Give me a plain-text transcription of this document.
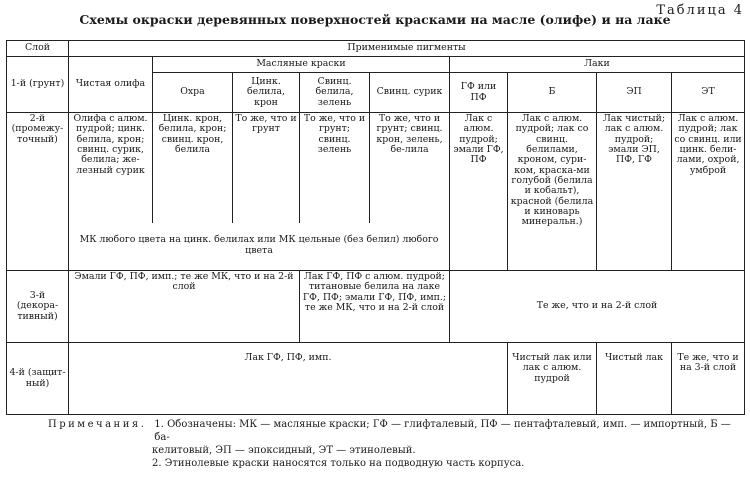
Таблица 4
Схемы окраски деревянных поверхностей красками на масле (олифе) и на лаке
Слой	Применимые пигменты								
1-й (грунт)	Чистая олифа	Масляные краски				Лаки			
		Охра	Цинк. белила, крон	Свинц. белила, зелень	Свинц. сурик	ГФ или ПФ	Б	ЭП	ЭТ
2-й (промежу-точный)	Олифа с алюм. пудрой; цинк. белила, крон; свинц. сурик, белила; же-лезный сурик	Цинк. крон, белила, крон; свинц. крон, белила	То же, что и грунт	То же, что и грунт; свинц. зелень	То же, что и грунт; свинц. крон, зелень, бе-лила	Лак с алюм. пудрой; эмали ГФ, ПФ	Лак с алюм. пудрой; лак со свинц. белилами, кроном, сури-ком, краска-ми голубой (белила и кобальт), красной (белила и киноварь минеральн.)	Лак чистый; лак с алюм. пудрой; эмали ЭП, ПФ, ГФ	Лак с алюм. пудрой; лак со свинц. или цинк. бели-лами, охрой, умброй
	МК любого цвета на цинк. белилах или МК цельные (без белил) любого цвета								
3-й (декора-тивный)	Эмали ГФ, ПФ, имп.; те же МК, что и на 2-й слой			Лак ГФ, ПФ с алюм. пудрой; титановые белила на лаке ГФ, ПФ; эмали ГФ, ПФ, имп.; те же МК, что и на 2-й слой		Те же, что и на 2-й слой			
4-й (защит-ный)	Лак ГФ, ПФ, имп.						Чистый лак или лак с алюм. пудрой	Чистый лак	Те же, что и на 3-й слой
Примечания. 1. Обозначены: МК — масляные краски; ГФ — глифталевый, ПФ — пентафталевый, имп. — импортный, Б — ба-
келитовый, ЭП — эпоксидный, ЭТ — этинолевый.
2. Этинолевые краски наносятся только на подводную часть корпуса.
